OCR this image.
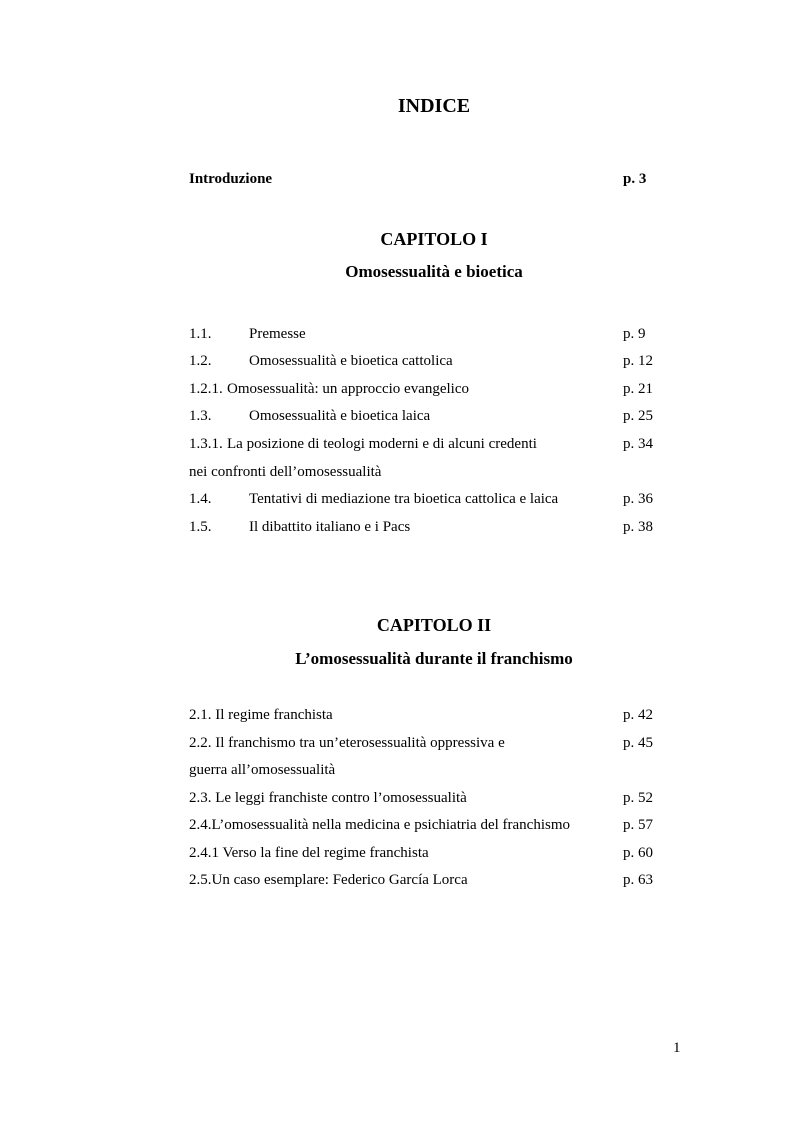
INDICE
Introduzione	p. 3
CAPITOLO I
Omosessualità e bioetica
1.1.	Premesse	p. 9
1.2.	Omosessualità e bioetica cattolica	p. 12
1.2.1. Omosessualità: un approccio evangelico	p. 21
1.3.	Omosessualità e bioetica laica	p. 25
1.3.1. La posizione di teologi moderni e di alcuni credenti	p. 34
nei confronti dell’omosessualità
1.4.	Tentativi di mediazione tra bioetica cattolica e laica	p. 36
1.5.	Il dibattito italiano e i Pacs	p. 38
CAPITOLO II
L’omosessualità durante il franchismo
2.1. Il regime franchista	p. 42
2.2. Il franchismo tra un’eterosessualità oppressiva e	p. 45
guerra all’omosessualità
2.3. Le leggi franchiste contro l’omosessualità	p. 52
2.4.L’omosessualità nella medicina e psichiatria del franchismo	p. 57
2.4.1 Verso la fine del regime franchista	p. 60
2.5.Un caso esemplare: Federico García Lorca	p. 63
1
